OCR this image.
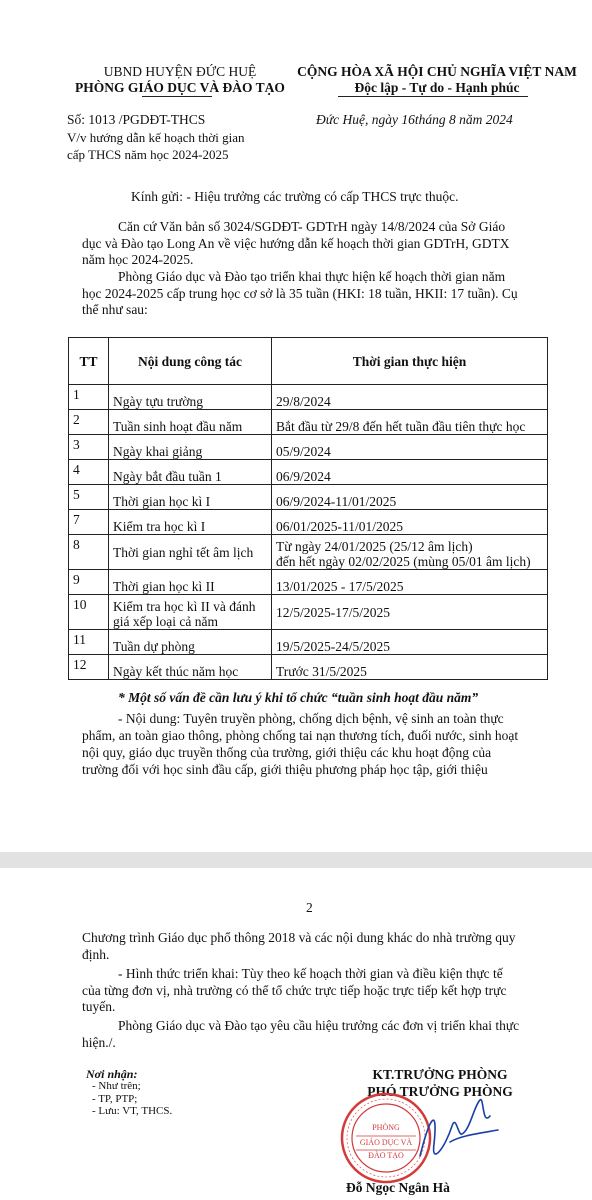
UBND HUYỆN ĐỨC HUỆ
PHÒNG GIÁO DỤC VÀ ĐÀO TẠO
CỘNG HÒA XÃ HỘI CHỦ NGHĨA VIỆT NAM
Độc lập - Tự do - Hạnh phúc
Số: 1013 /PGDĐT-THCS	Đức Huệ, ngày 16tháng 8 năm 2024
V/v hướng dẫn kế hoạch thời gian
cấp THCS năm học 2024-2025
Kính gửi: - Hiệu trưởng các trường có cấp THCS trực thuộc.
Căn cứ Văn bản số 3024/SGDĐT- GDTrH ngày 14/8/2024 của Sở Giáo
dục và Đào tạo Long An về việc hướng dẫn kế hoạch thời gian GDTrH, GDTX
năm học 2024-2025.
Phòng Giáo dục và Đào tạo triển khai thực hiện kế hoạch thời gian năm
học 2024-2025 cấp trung học cơ sở là 35 tuần (HKI: 18 tuần, HKII: 17 tuần). Cụ
thể như sau:
TT	Nội dung công tác	Thời gian thực hiện
1	Ngày tựu trường	29/8/2024
2	Tuần sinh hoạt đầu năm	Bắt đầu từ 29/8 đến hết tuần đầu tiên thực học
3	Ngày khai giảng	05/9/2024
4	Ngày bắt đầu tuần 1	06/9/2024
5	Thời gian học kì I	06/9/2024-11/01/2025
7	Kiểm tra học kì I	06/01/2025-11/01/2025
8	Thời gian nghỉ tết âm lịch	Từ ngày 24/01/2025 (25/12 âm lịch)
đến hết ngày 02/02/2025 (mùng 05/01 âm lịch)

9	Thời gian học kì II	13/01/2025 - 17/5/2025
10	Kiểm tra học kì II và đánh
giá xếp loại cả năm	12/5/2025-17/5/2025
11	Tuần dự phòng	19/5/2025-24/5/2025
12	Ngày kết thúc năm học	Trước 31/5/2025
* Một số vấn đề cần lưu ý khi tổ chức “tuần sinh hoạt đầu năm”
- Nội dung: Tuyên truyền phòng, chống dịch bệnh, vệ sinh an toàn thực
phẩm, an toàn giao thông, phòng chống tai nạn thương tích, đuối nước, sinh hoạt
nội quy, giáo dục truyền thống của trường, giới thiệu các khu hoạt động của
trường đối với học sinh đầu cấp, giới thiệu phương pháp học tập, giới thiệu
2
Chương trình Giáo dục phổ thông 2018 và các nội dung khác do nhà trường quy
định.
- Hình thức triển khai: Tùy theo kế hoạch thời gian và điều kiện thực tế
của từng đơn vị, nhà trường có thể tổ chức trực tiếp hoặc trực tiếp kết hợp trực
tuyến.
Phòng Giáo dục và Đào tạo yêu cầu hiệu trưởng các đơn vị triển khai thực
hiện./.
Nơi nhận:
- Như trên;
- TP, PTP;
- Lưu: VT, THCS.
KT.TRƯỞNG PHÒNG
PHÓ TRƯỞNG PHÒNG
PHÒNG
GIÁO DỤC VÀ
ĐÀO TẠO
Đỗ Ngọc Ngân Hà
